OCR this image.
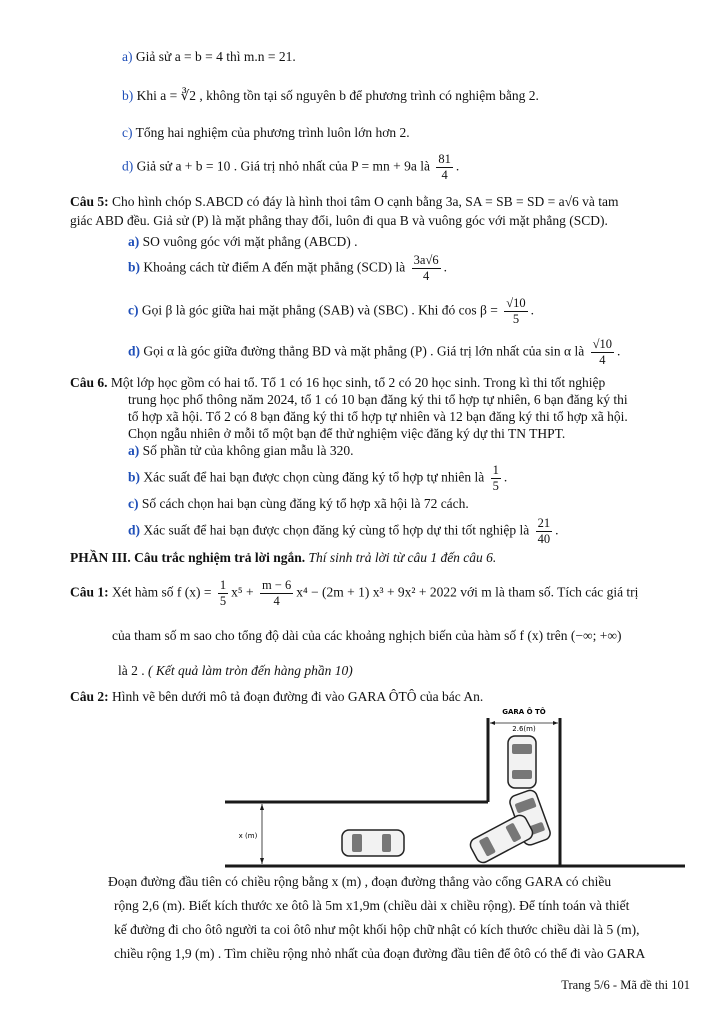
a) Giả sử a = b = 4 thì m.n = 21.
b) Khi a = ∛2 , không tồn tại số nguyên b để phương trình có nghiệm bằng 2.
c) Tổng hai nghiệm của phương trình luôn lớn hơn 2.
d) Giả sử a + b = 10 . Giá trị nhỏ nhất của P = mn + 9a là $\frac{81}{4}$ .
Câu 5: Cho hình chóp S.ABCD có đáy là hình thoi tâm O cạnh bằng 3a, SA = SB = SD = a√6 và tam
giác ABD đều. Giả sử (P) là mặt phẳng thay đổi, luôn đi qua B và vuông góc với mặt phẳng (SCD).
a) SO vuông góc với mặt phẳng (ABCD) .
b) Khoảng cách từ điểm A đến mặt phẳng (SCD) là $\frac{3a√6}{4}$ .
c) Gọi β là góc giữa hai mặt phẳng (SAB) và (SBC) . Khi đó $\cos \beta = \frac{√10}{5}$ .
d) Gọi α là góc giữa đường thẳng BD và mặt phẳng (P) . Giá trị lớn nhất của sin α là $\frac{√10}{4}$ .
Câu 6. Một lớp học gồm có hai tổ. Tổ 1 có 16 học sinh, tổ 2 có 20 học sinh. Trong kì thi tốt nghiệp
trung học phổ thông năm 2024, tổ 1 có 10 bạn đăng ký thi tổ hợp tự nhiên, 6 bạn đăng ký thi
tổ hợp xã hội. Tổ 2 có 8 bạn đăng ký thi tổ hợp tự nhiên và 12 bạn đăng ký thi tổ hợp xã hội.
Chọn ngẫu nhiên ở mỗi tổ một bạn để thử nghiệm việc đăng ký dự thi TN THPT.
a) Số phần tử của không gian mẫu là 320.
b) Xác suất để hai bạn được chọn cùng đăng ký tổ hợp tự nhiên là $\frac{1}{5}$ .
c) Số cách chọn hai bạn cùng đăng ký tổ hợp xã hội là 72 cách.
d) Xác suất để hai bạn được chọn đăng ký cùng tổ hợp dự thi tốt nghiệp là $\frac{21}{40}$ .
PHẦN III. Câu trắc nghiệm trả lời ngắn. Thí sinh trả lời từ câu 1 đến câu 6.
Câu 1: Xét hàm số f $(x) = \frac{1}{5} x^5 + \frac{m - 6}{4} x^4 - (2m + 1) x^3 + 9x^2 + 2022$ với m là tham số. Tích các giá trị
của tham số m sao cho tổng độ dài của các khoảng nghịch biến của hàm số f (x) trên (−∞; +∞)
là 2 . ( Kết quả làm tròn đến hàng phần 10)
Câu 2: Hình vẽ bên dưới mô tả đoạn đường đi vào GARA ÔTÔ của bác An.
GARA Ô TÔ
2.6(m)
x (m)
Đoạn đường đầu tiên có chiều rộng bằng x (m) , đoạn đường thẳng vào cổng GARA có chiều
rộng 2,6 (m). Biết kích thước xe ôtô là 5m x1,9m (chiều dài x chiều rộng). Để tính toán và thiết
kế đường đi cho ôtô người ta coi ôtô như một khối hộp chữ nhật có kích thước chiều dài là 5 (m),
chiều rộng 1,9 (m) . Tìm chiều rộng nhỏ nhất của đoạn đường đầu tiên để ôtô có thể đi vào GARA
Trang 5/6 - Mã đề thi 101
